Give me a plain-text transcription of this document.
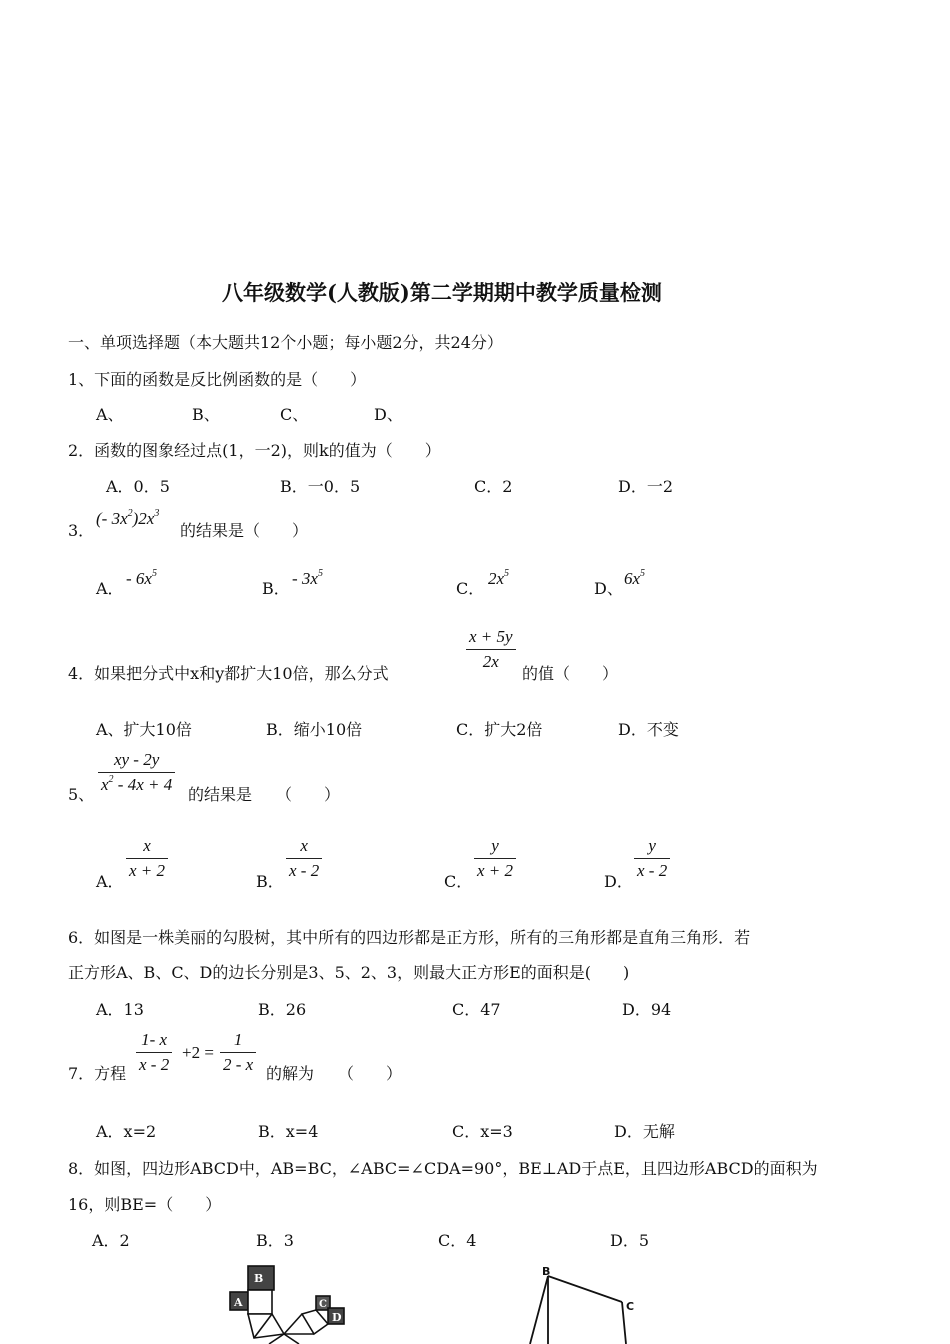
八年级数学(人教版)第二学期期中教学质量检测
一、单项选择题（本大题共12个小题；每小题2分，共24分）
1、下面的函数是反比例函数的是（　　）
A、	B、	C、	D、
2．函数的图象经过点(1，一2)，则k的值为（　　）
A．0．5	B．一0．5	C．2	D．一2
3．
(- $3x^2)2x^3$
的结果是（　　）
A．
- $6x^5$
B．
- $3x^5$
C．
$2x^5$
D、
$6x^5$
4．如果把分式中x和y都扩大10倍，那么分式
$\frac{x + 5y}{2x}$
的值（　　）
A、扩大10倍	B．缩小10倍	C．扩大2倍	D．不变
5、 $\frac{xy - 2y}{x^2 - 4x + 4}$ 的结果是　　（　　）
A．
$\frac{x}{x + 2}$
B．
$\frac{x}{x - 2}$
C．
$\frac{y}{x + 2}$
D．
$\frac{y}{x - 2}$
6．如图是一株美丽的勾股树，其中所有的四边形都是正方形，所有的三角形都是直角三角形．若
正方形A、B、C、D的边长分别是3、5、2、3，则最大正方形E的面积是(　　)
A．13	B．26	C．47	D．94
7．方程 $\frac{1- x}{x - 2} +2 = \frac{1}{2 - x}$ 的解为　　（　　）
A．x=2	B．x=4	C．x=3	D．无解
8．如图，四边形ABCD中，AB=BC，∠ABC=∠CDA=90°，BE⊥AD于点E，且四边形ABCD的面积为
16，则BE=（　　）
A．2	B．3	C．4	D．5
B
A	C
D
B
C
